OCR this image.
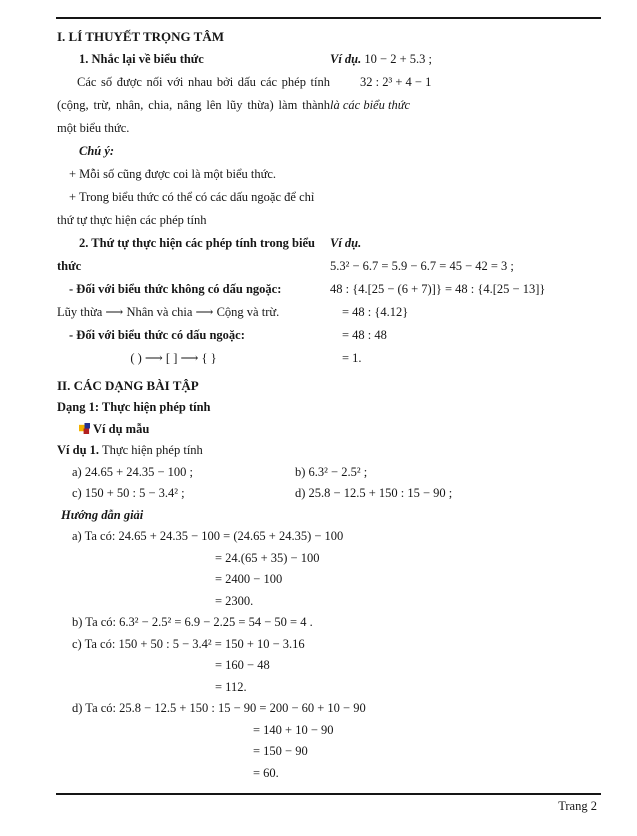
I. LÍ THUYẾT TRỌNG TÂM
1. Nhắc lại về biểu thức
Các số được nối với nhau bởi dấu các phép tính (cộng, trừ, nhân, chia, nâng lên lũy thừa) làm thành một biểu thức.
Ví dụ. 10 − 2 + 5.3 ;
32 : 2³ + 4 − 1
là các biểu thức
Chú ý:
+ Mỗi số cũng được coi là một biểu thức.
+ Trong biểu thức có thể có các dấu ngoặc để chỉ
thứ tự thực hiện các phép tính
2. Thứ tự thực hiện các phép tính trong biểu
thức
- Đối với biểu thức không có dấu ngoặc:
Lũy thừa ⟶ Nhân và chia ⟶ Cộng và trừ.
- Đối với biểu thức có dấu ngoặc:
( ) ⟶ [ ] ⟶ { }
Ví dụ.
5.3² − 6.7 = 5.9 − 6.7 = 45 − 42 = 3 ;
48 : {4.[25 − (6 + 7)]} = 48 : {4.[25 − 13]}
= 48 : {4.12}
= 48 : 48
= 1.
II. CÁC DẠNG BÀI TẬP
Dạng 1: Thực hiện phép tính
Ví dụ mẫu
Ví dụ 1. Thực hiện phép tính
a) 24.65 + 24.35 − 100 ;	b) 6.3² − 2.5² ;
c) 150 + 50 : 5 − 3.4² ;	d) 25.8 − 12.5 + 150 : 15 − 90 ;
Hướng dẫn giải
a) Ta có: 24.65 + 24.35 − 100 = (24.65 + 24.35) − 100
= 24.(65 + 35) − 100
= 2400 − 100
= 2300.
b) Ta có: 6.3² − 2.5² = 6.9 − 2.25 = 54 − 50 = 4 .
c) Ta có: 150 + 50 : 5 − 3.4² = 150 + 10 − 3.16
= 160 − 48
= 112.
d) Ta có: 25.8 − 12.5 + 150 : 15 − 90 = 200 − 60 + 10 − 90
= 140 + 10 − 90
= 150 − 90
= 60.
Trang 2
